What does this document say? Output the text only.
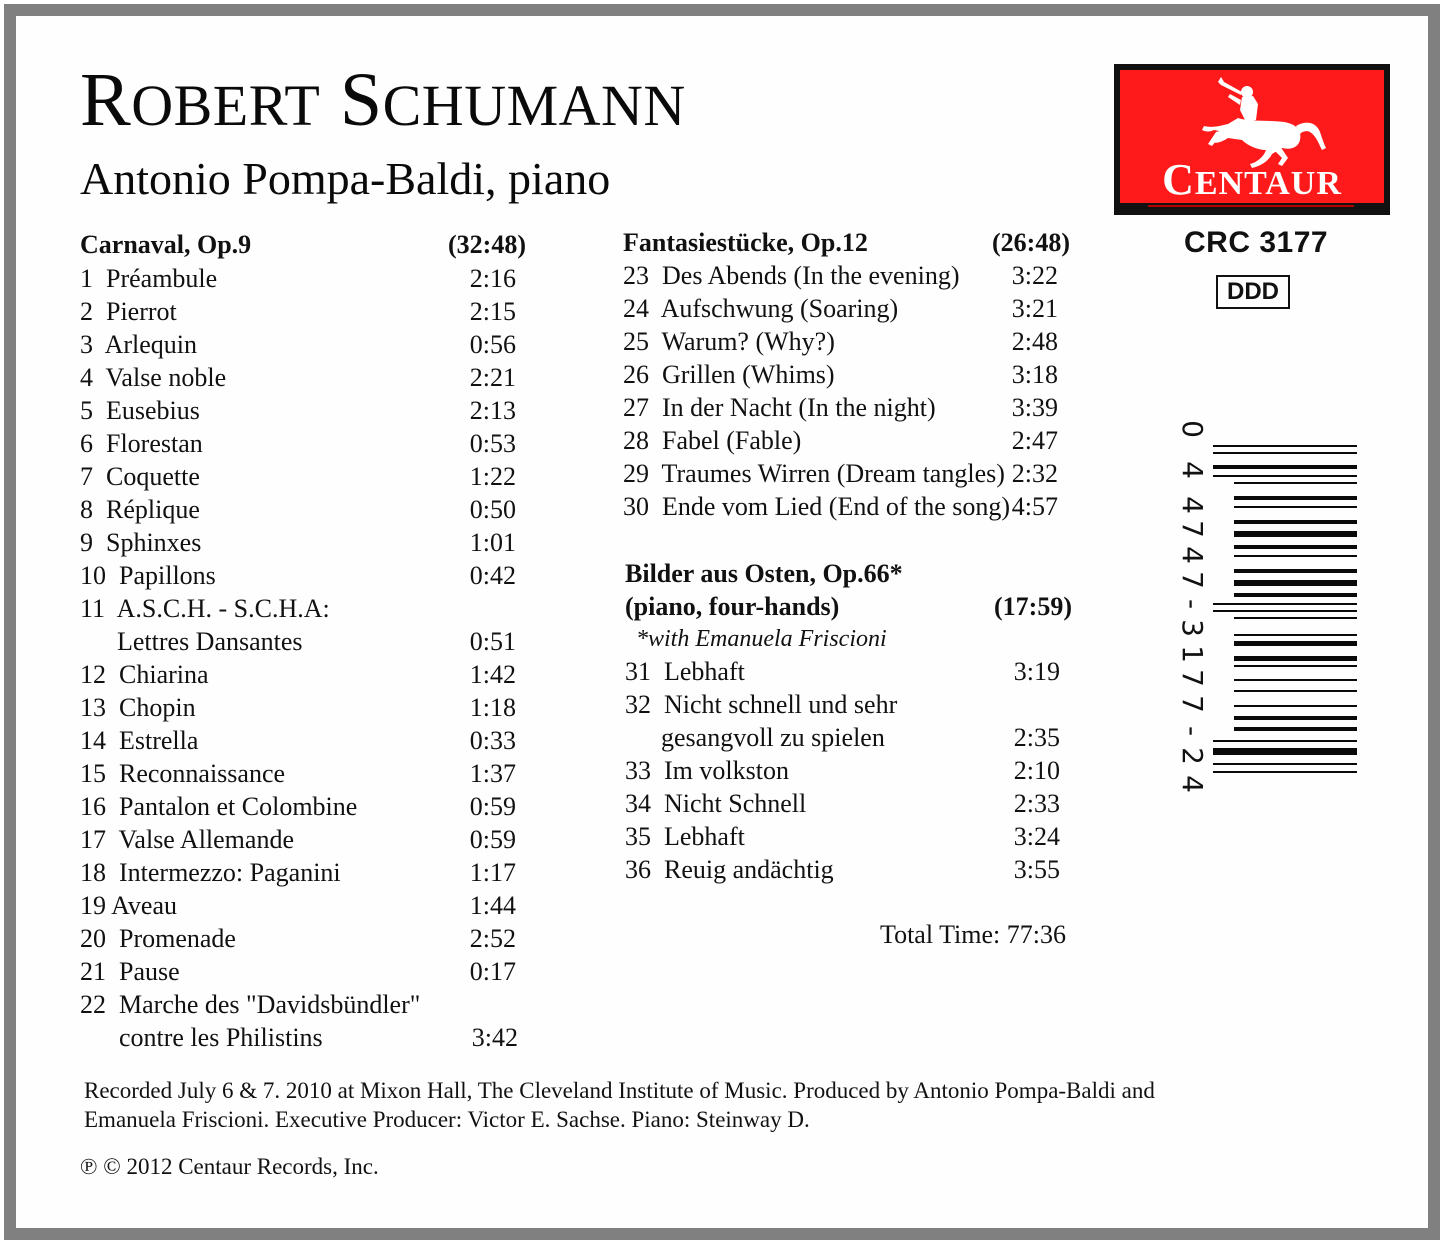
ROBERT SCHUMANN
Antonio Pompa-Baldi, piano	CENTAUR
CRC 3177
DDD
0
4
4
7
4
7
-
3
1
7
7
-
2
4
Carnaval, Op.9	(32:48)
1 Préambule	2:16
2 Pierrot	2:15
3 Arlequin	0:56
4 Valse noble	2:21
5 Eusebius	2:13
6 Florestan	0:53
7 Coquette	1:22
8 Réplique	0:50
9 Sphinxes	1:01
10 Papillons	0:42
11 A.S.C.H. - S.C.H.A:
Lettres Dansantes	0:51
12 Chiarina	1:42
13 Chopin	1:18
14 Estrella	0:33
15 Reconnaissance	1:37
16 Pantalon et Colombine	0:59
17 Valse Allemande	0:59
18 Intermezzo: Paganini	1:17
19 Aveau	1:44
20 Promenade	2:52
21 Pause	0:17
22 Marche des "Davidsbündler"
contre les Philistins	3:42
Fantasiestücke, Op.12	(26:48)
23 Des Abends (In the evening)	3:22
24 Aufschwung (Soaring)	3:21
25 Warum? (Why?)	2:48
26 Grillen (Whims)	3:18
27 In der Nacht (In the night)	3:39
28 Fabel (Fable)	2:47
29 Traumes Wirren (Dream tangles) 2:32
30 Ende vom Lied (End of the song) 4:57
Bilder aus Osten, Op.66*
(piano, four-hands)	(17:59)
*with Emanuela Friscioni
31 Lebhaft	3:19
32 Nicht schnell und sehr
gesangvoll zu spielen	2:35
33 Im volkston	2:10
34 Nicht Schnell	2:33
35 Lebhaft	3:24
36 Reuig andächtig	3:55
Total Time: 77:36
Recorded July 6 & 7. 2010 at Mixon Hall, The Cleveland Institute of Music. Produced by Antonio Pompa-Baldi and Emanuela Friscioni. Executive Producer: Victor E. Sachse. Piano: Steinway D.
℗ © 2012 Centaur Records, Inc.
